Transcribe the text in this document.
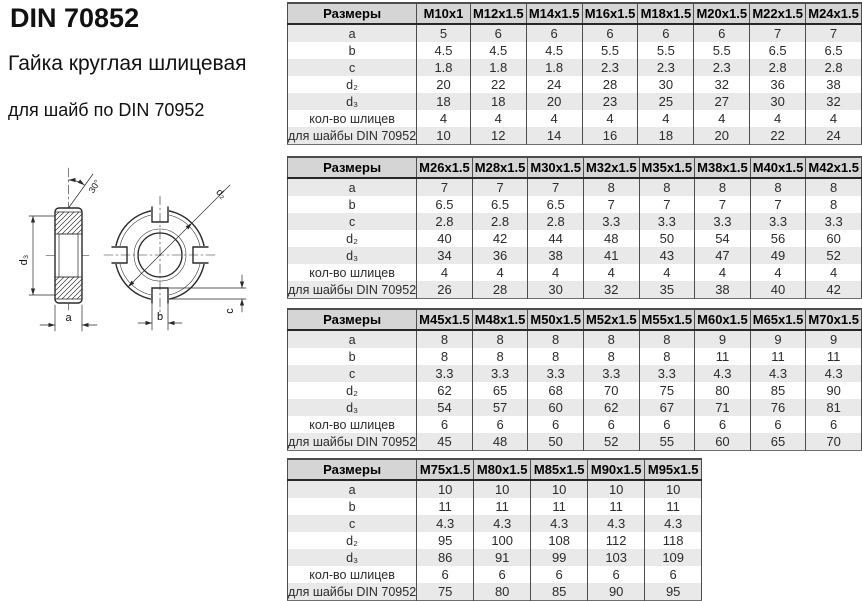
DIN 70852
Гайка круглая шлицевая
для шайб по DIN 70952
d₃
a
30°	d₂
b	c
Размеры	M10x1	M12x1.5	M14x1.5	M16x1.5	M18x1.5	M20x1.5	M22x1.5	M24x1.5
a	5	6	6	6	6	6	7	7
b	4.5	4.5	4.5	5.5	5.5	5.5	6.5	6.5
c	1.8	1.8	1.8	2.3	2.3	2.3	2.8	2.8
d₂	20	22	24	28	30	32	36	38
d₃	18	18	20	23	25	27	30	32
кол-во шлицев	4	4	4	4	4	4	4	4
для шайбы DIN 70952	10	12	14	16	18	20	22	24
Размеры	M26x1.5	M28x1.5	M30x1.5	M32x1.5	M35x1.5	M38x1.5	M40x1.5	M42x1.5
a	7	7	7	8	8	8	8	8
b	6.5	6.5	6.5	7	7	7	7	8
c	2.8	2.8	2.8	3.3	3.3	3.3	3.3	3.3
d₂	40	42	44	48	50	54	56	60
d₃	34	36	38	41	43	47	49	52
кол-во шлицев	4	4	4	4	4	4	4	4
для шайбы DIN 70952	26	28	30	32	35	38	40	42
Размеры	M45x1.5	M48x1.5	M50x1.5	M52x1.5	M55x1.5	M60x1.5	M65x1.5	M70x1.5
a	8	8	8	8	8	9	9	9
b	8	8	8	8	8	11	11	11
c	3.3	3.3	3.3	3.3	3.3	4.3	4.3	4.3
d₂	62	65	68	70	75	80	85	90
d₃	54	57	60	62	67	71	76	81
кол-во шлицев	6	6	6	6	6	6	6	6
для шайбы DIN 70952	45	48	50	52	55	60	65	70
Размеры	M75x1.5	M80x1.5	M85x1.5	M90x1.5	M95x1.5
a	10	10	10	10	10
b	11	11	11	11	11
c	4.3	4.3	4.3	4.3	4.3
d₂	95	100	108	112	118
d₃	86	91	99	103	109
кол-во шлицев	6	6	6	6	6
для шайбы DIN 70952	75	80	85	90	95
